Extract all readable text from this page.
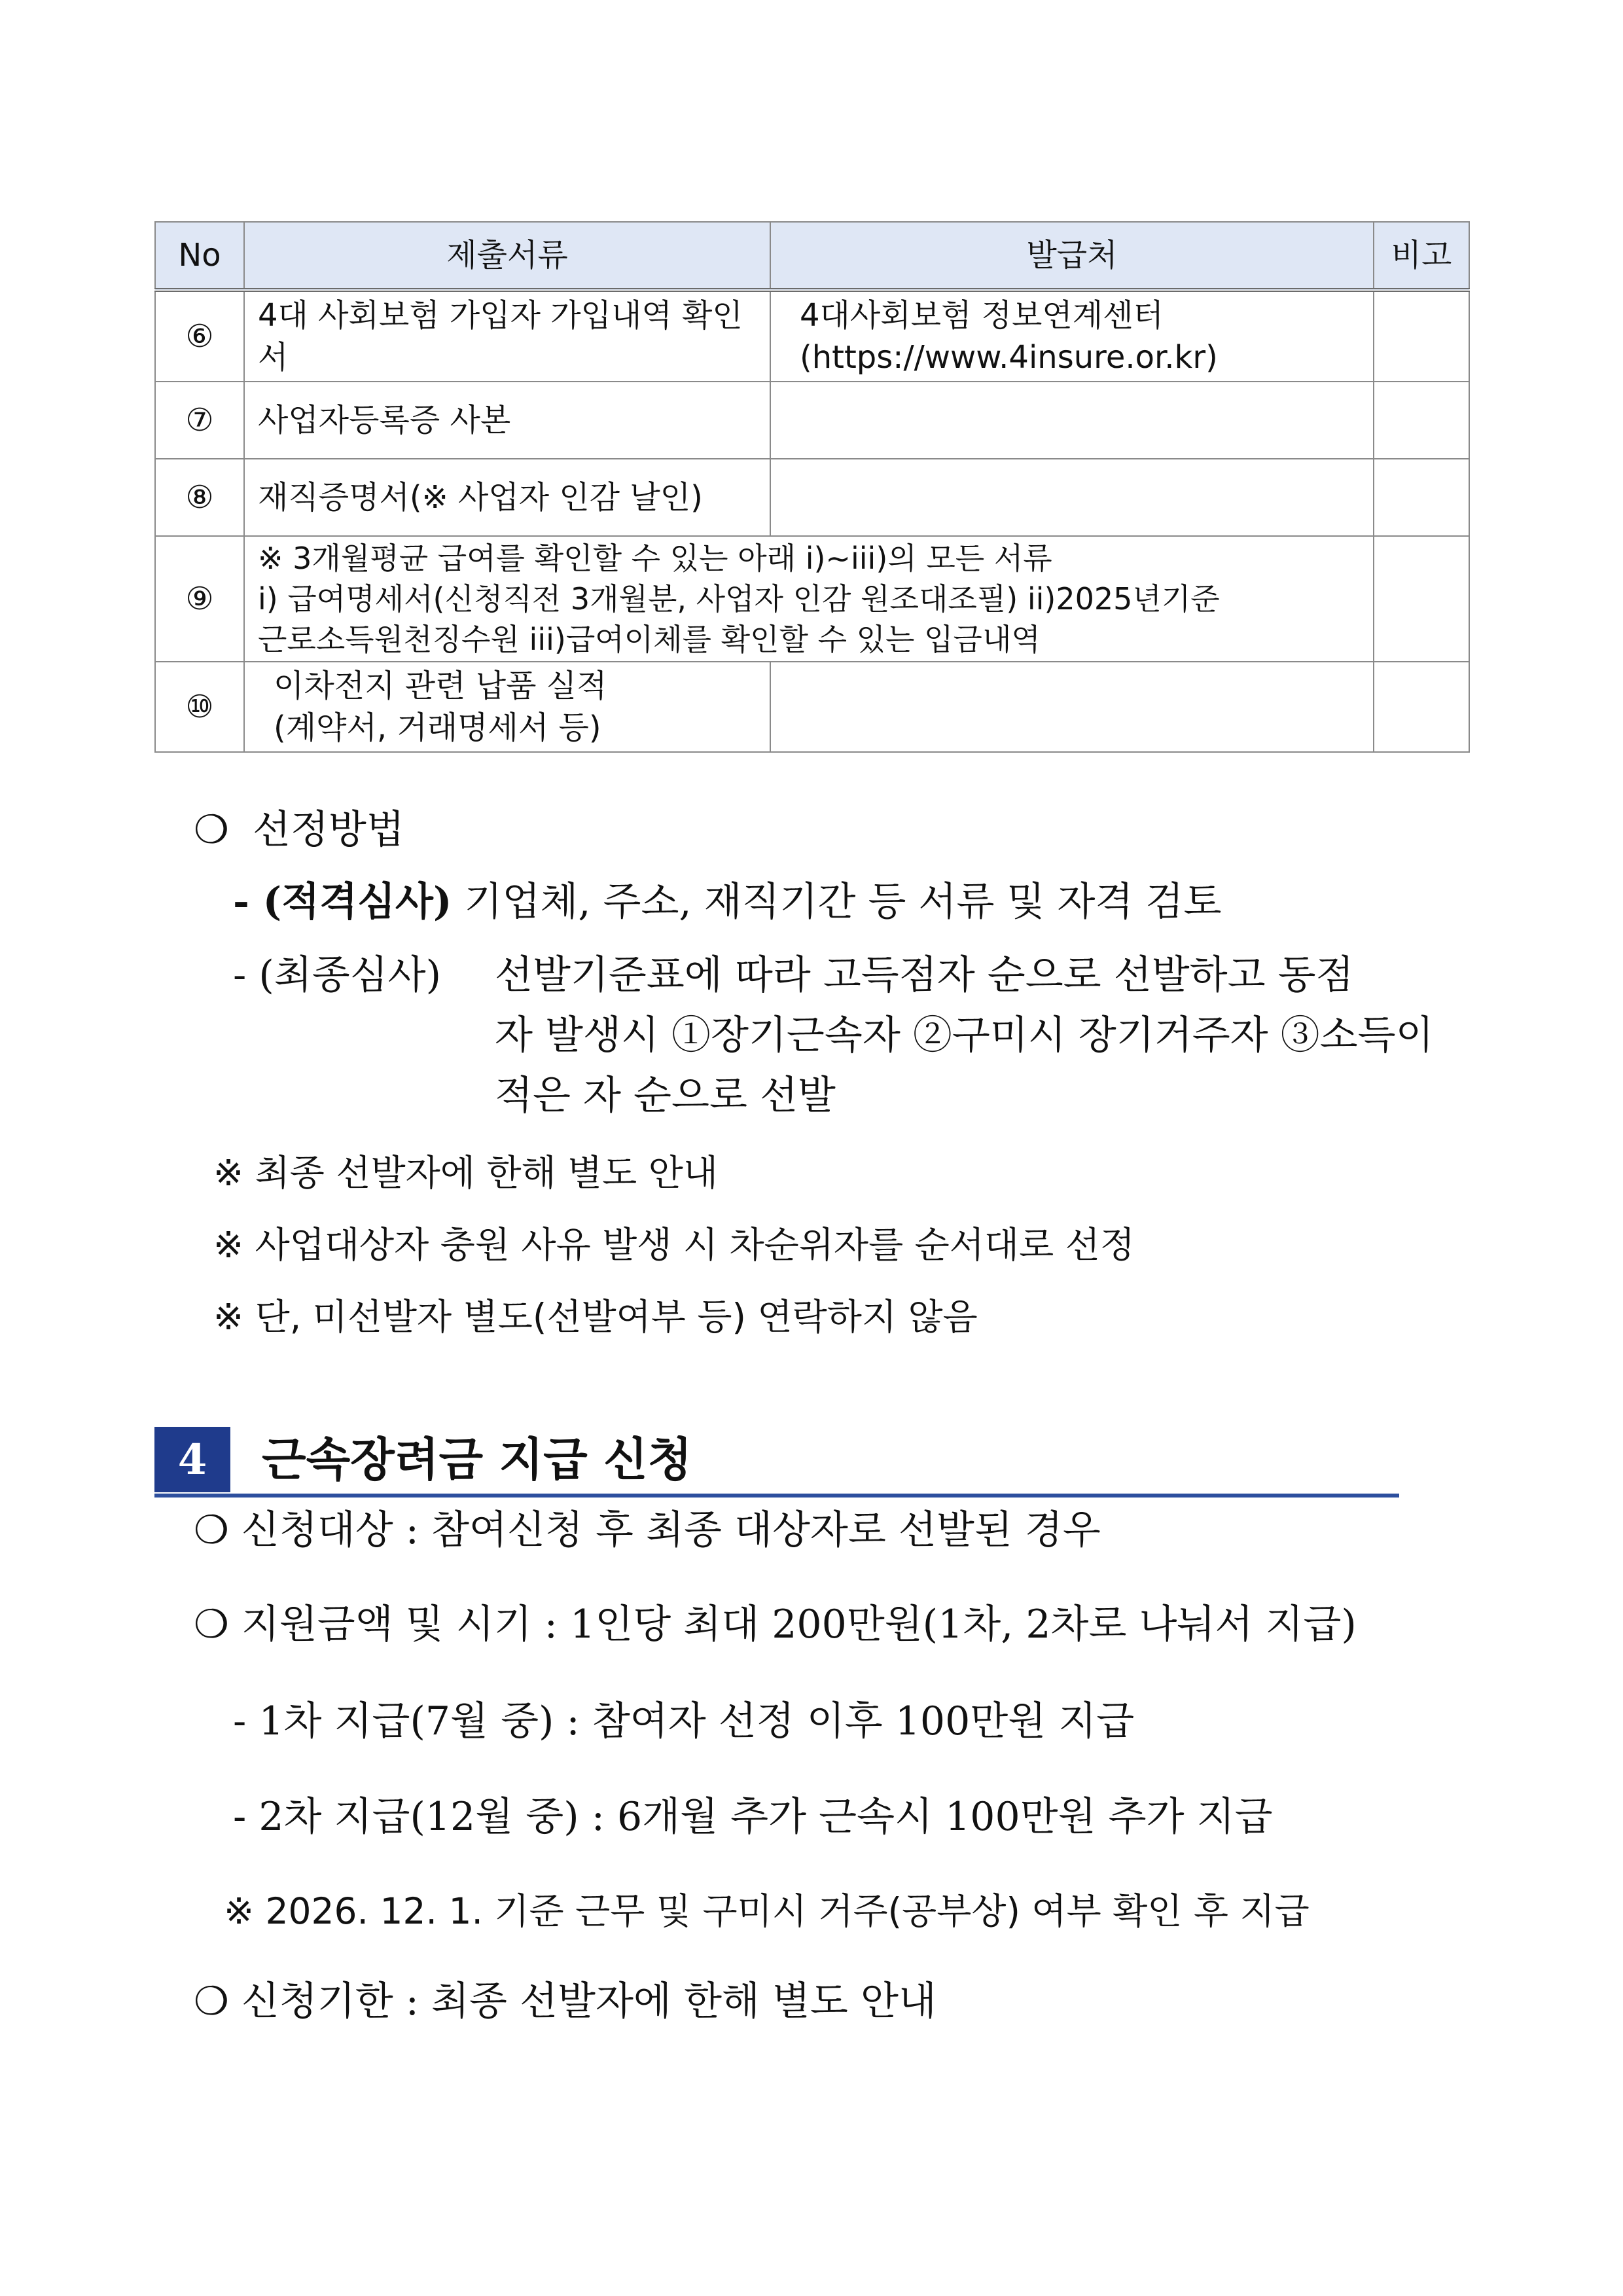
No	제출서류	발급처	비고
⑥	4대 사회보험 가입자 가입내역 확인서	4대사회보험 정보연계센터
(https://www.4insure.or.kr)	
⑦	사업자등록증 사본		
⑧	재직증명서(※ 사업자 인감 날인)		
⑨	※ 3개월평균 급여를 확인할 수 있는 아래 i)~iii)의 모든 서류
i) 급여명세서(신청직전 3개월분, 사업자 인감 원조대조필) ii)2025년기준
근로소득원천징수원 iii)급여이체를 확인할 수 있는 입금내역		
⑩	이차전지 관련 납품 실적
(계약서, 거래명세서 등)		
❍ 선정방법
- (적격심사) 기업체, 주소, 재직기간 등 서류 및 자격 검토
- (최종심사) 선발기준표에 따라 고득점자 순으로 선발하고 동점
자 발생시 ①장기근속자 ②구미시 장기거주자 ③소득이
적은 자 순으로 선발
※ 최종 선발자에 한해 별도 안내
※ 사업대상자 충원 사유 발생 시 차순위자를 순서대로 선정
※ 단, 미선발자 별도(선발여부 등) 연락하지 않음
4	근속장려금 지급 신청
❍ 신청대상 : 참여신청 후 최종 대상자로 선발된 경우
❍ 지원금액 및 시기 : 1인당 최대 200만원(1차, 2차로 나눠서 지급)
- 1차 지급(7월 중) : 참여자 선정 이후 100만원 지급
- 2차 지급(12월 중) : 6개월 추가 근속시 100만원 추가 지급
※ 2026. 12. 1. 기준 근무 및 구미시 거주(공부상) 여부 확인 후 지급
❍ 신청기한 : 최종 선발자에 한해 별도 안내
